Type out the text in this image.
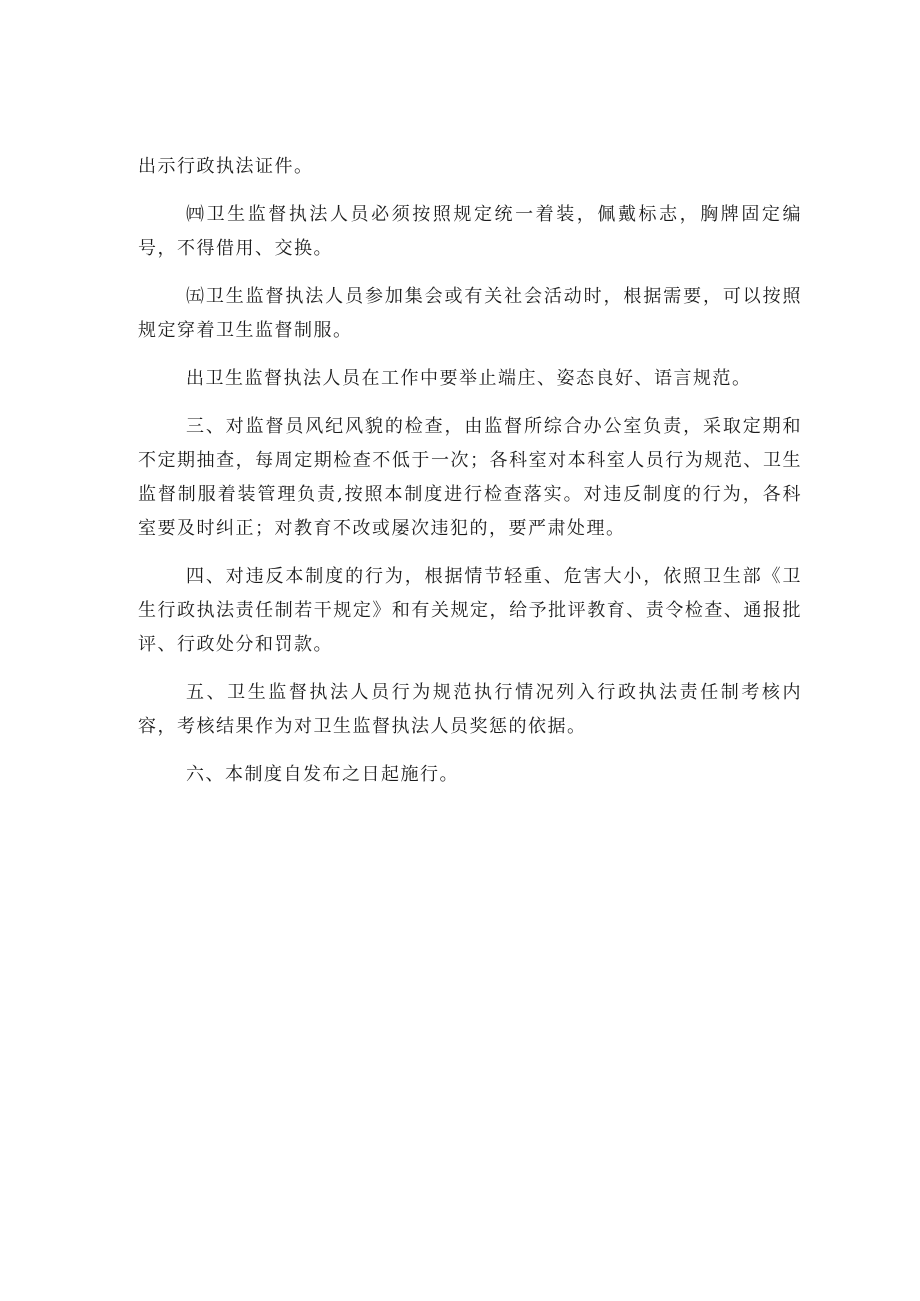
出示行政执法证件。

㈣卫生监督执法人员必须按照规定统一着装，佩戴标志，胸牌固定编号，不得借用、交换。

㈤卫生监督执法人员参加集会或有关社会活动时，根据需要，可以按照规定穿着卫生监督制服。

出卫生监督执法人员在工作中要举止端庄、姿态良好、语言规范。

三、对监督员风纪风貌的检查，由监督所综合办公室负责，采取定期和不定期抽查，每周定期检查不低于一次；各科室对本科室人员行为规范、卫生监督制服着装管理负责,按照本制度进行检查落实。对违反制度的行为，各科室要及时纠正；对教育不改或屡次违犯的，要严肃处理。

四、对违反本制度的行为，根据情节轻重、危害大小，依照卫生部《卫生行政执法责任制若干规定》和有关规定，给予批评教育、责令检查、通报批评、行政处分和罚款。

五、卫生监督执法人员行为规范执行情况列入行政执法责任制考核内容，考核结果作为对卫生监督执法人员奖惩的依据。

六、本制度自发布之日起施行。
